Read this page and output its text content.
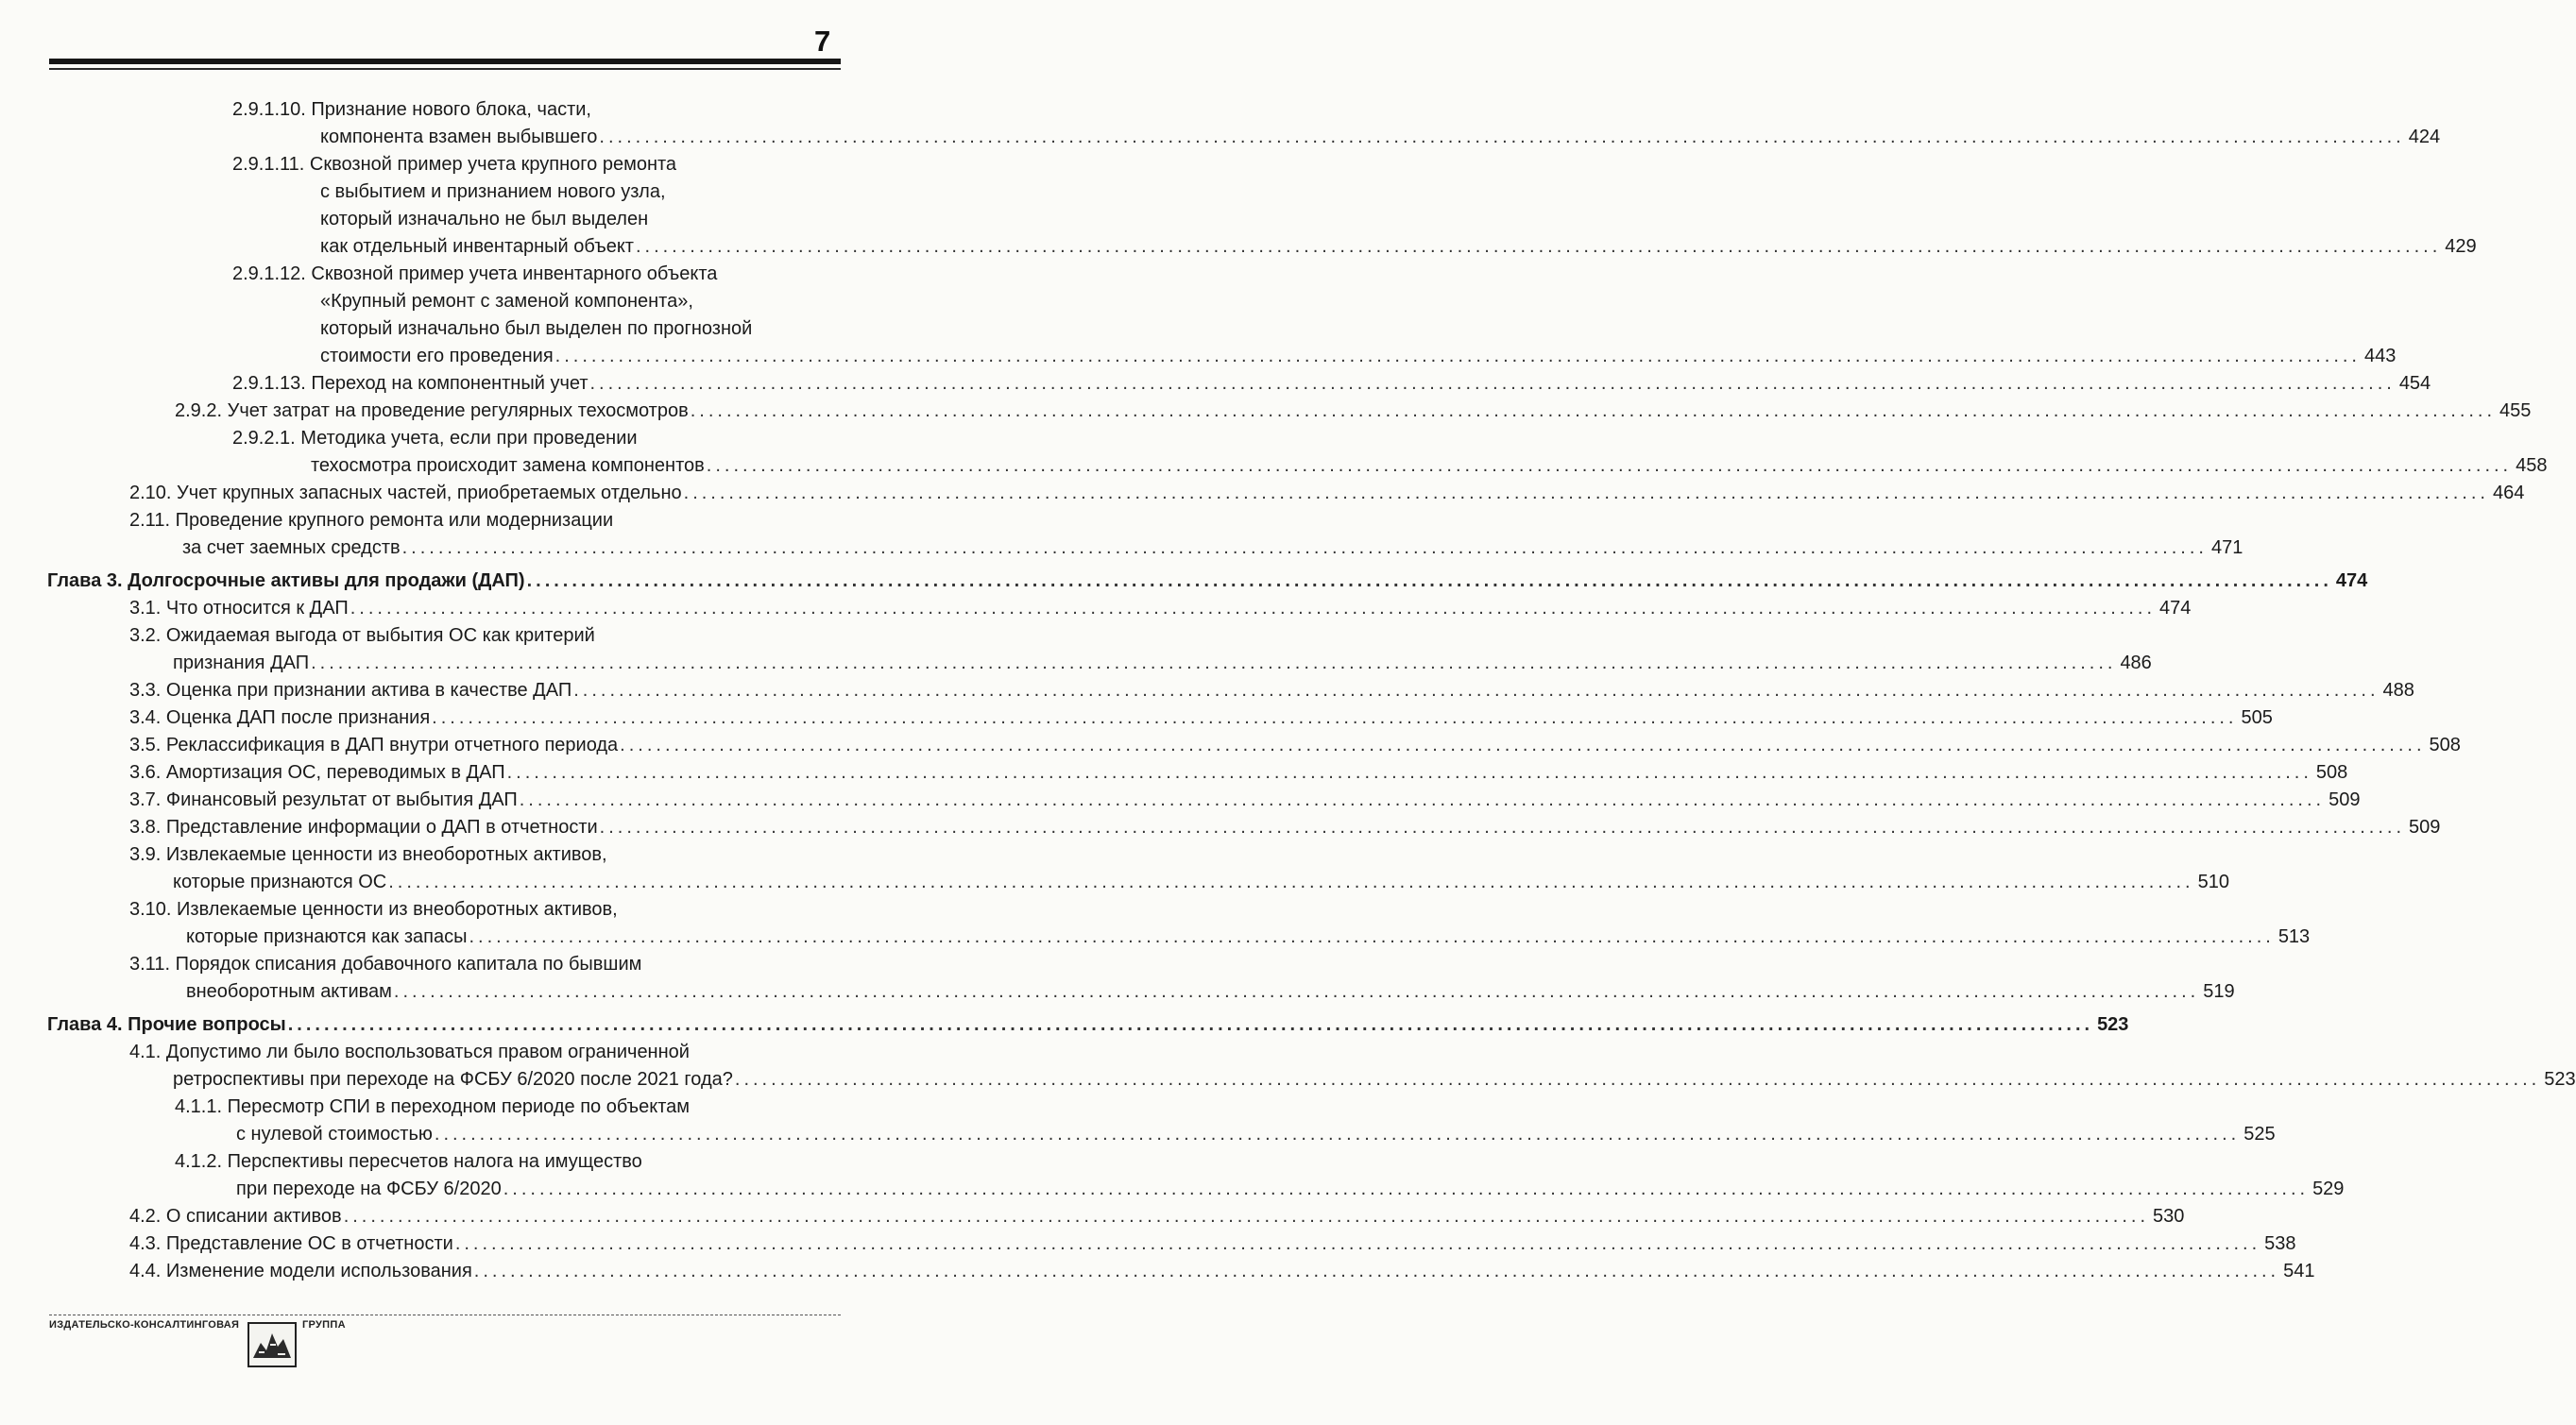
7
2.9.1.10.
Признание нового блока, части,
компонента взамен выбывшего ........................................................................................................................................................................................................ 424
2.9.1.11.
Сквозной пример учета крупного ремонта
с выбытием и признанием нового узла,
который изначально не был выделен
как отдельный инвентарный объект ........................................................................................................................................................................................................ 429
2.9.1.12.
Сквозной пример учета инвентарного объекта
«Крупный ремонт с заменой компонента»,
который изначально был выделен по прогнозной
стоимости его проведения ........................................................................................................................................................................................................ 443
2.9.1.13.
Переход на компонентный учет ........................................................................................................................................................................................................ 454
2.9.2.
Учет затрат на проведение регулярных техосмотров ........................................................................................................................................................................................................ 455
2.9.2.1.
Методика учета, если при проведении
техосмотра происходит замена компонентов ........................................................................................................................................................................................................ 458
2.10.
Учет крупных запасных частей, приобретаемых отдельно ........................................................................................................................................................................................................ 464
2.11.
Проведение крупного ремонта или модернизации
за счет заемных средств ........................................................................................................................................................................................................ 471
Глава 3.
Долгосрочные активы для продажи (ДАП) ........................................................................................................................................................................................................ 474
3.1.
Что относится к ДАП ........................................................................................................................................................................................................ 474
3.2.
Ожидаемая выгода от выбытия ОС как критерий
признания ДАП ........................................................................................................................................................................................................ 486
3.3.
Оценка при признании актива в качестве ДАП ........................................................................................................................................................................................................ 488
3.4.
Оценка ДАП после признания ........................................................................................................................................................................................................ 505
3.5.
Реклассификация в ДАП внутри отчетного периода ........................................................................................................................................................................................................ 508
3.6.
Амортизация ОС, переводимых в ДАП ........................................................................................................................................................................................................ 508
3.7.
Финансовый результат от выбытия ДАП ........................................................................................................................................................................................................ 509
3.8.
Представление информации о ДАП в отчетности ........................................................................................................................................................................................................ 509
3.9.
Извлекаемые ценности из внеоборотных активов,
которые признаются ОС ........................................................................................................................................................................................................ 510
3.10.
Извлекаемые ценности из внеоборотных активов,
которые признаются как запасы ........................................................................................................................................................................................................ 513
3.11.
Порядок списания добавочного капитала по бывшим
внеоборотным активам ........................................................................................................................................................................................................ 519
Глава 4.
Прочие вопросы ........................................................................................................................................................................................................ 523
4.1.
Допустимо ли было воспользоваться правом ограниченной
ретроспективы при переходе на ФСБУ 6/2020 после 2021 года? ........................................................................................................................................................................................................ 523
4.1.1.
Пересмотр СПИ в переходном периоде по объектам
с нулевой стоимостью ........................................................................................................................................................................................................ 525
4.1.2.
Перспективы пересчетов налога на имущество
при переходе на ФСБУ 6/2020 ........................................................................................................................................................................................................ 529
4.2.
О списании активов ........................................................................................................................................................................................................ 530
4.3.
Представление ОС в отчетности ........................................................................................................................................................................................................ 538
4.4.
Изменение модели использования ........................................................................................................................................................................................................ 541
ИЗДАТЕЛЬСКО-КОНСАЛТИНГОВАЯ	ГРУППА
